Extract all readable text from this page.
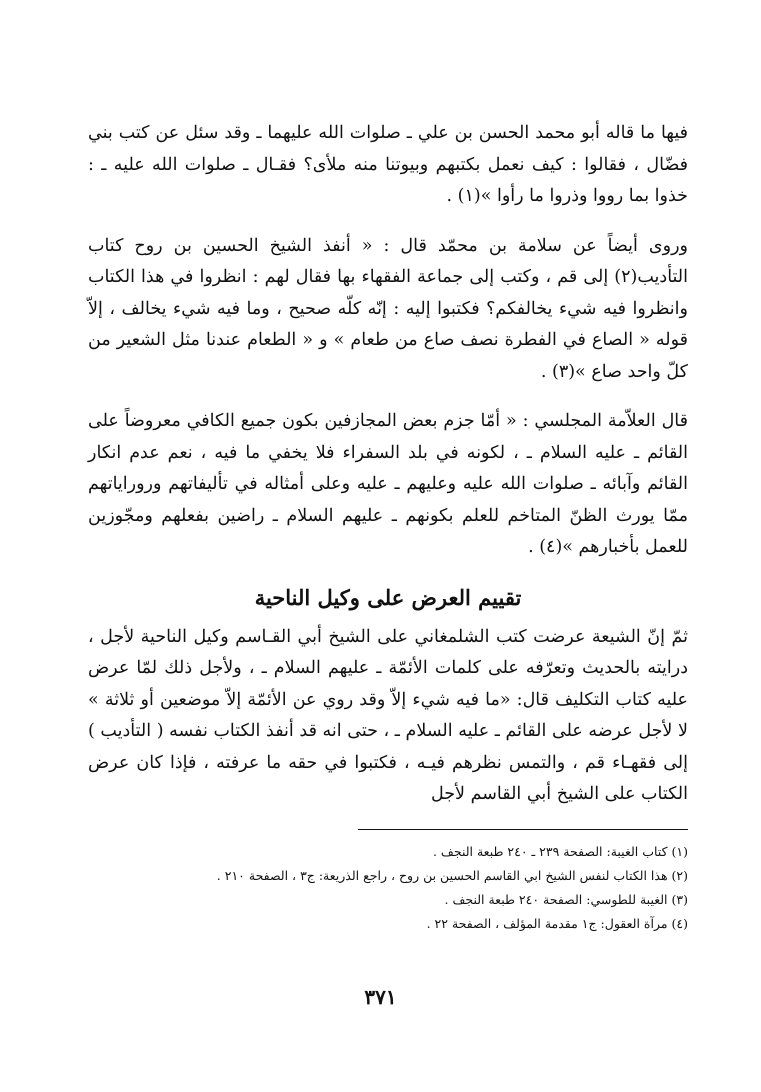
فيها ما قاله أبو محمد الحسن بن علي ـ صلوات الله عليهما ـ وقد سئل عن كتب بني فضّال ، فقالوا : كيف نعمل بكتبهم وبيوتنا منه ملأى؟ فقـال ـ صلوات الله عليه ـ : خذوا بما رووا وذروا ما رأوا »(١) .

وروى أيضاً عن سلامة بن محمّد قال : « أنفذ الشيخ الحسين بن روح كتاب التأديب(٢) إلى قم ، وكتب إلى جماعة الفقهاء بها فقال لهم : انظروا في هذا الكتاب وانظروا فيه شيء يخالفكم؟ فكتبوا إليه : إنّه كلّه صحيح ، وما فيه شيء يخالف ، إلاّ قوله « الصاع في الفطرة نصف صاع من طعام » و « الطعام عندنا مثل الشعير من كلّ واحد صاع »(٣) .

قال العلاّمة المجلسي : « أمّا جزم بعض المجازفين بكون جميع الكافي معروضاً على القائم ـ عليه السلام ـ ، لكونه في بلد السفراء فلا يخفي ما فيه ، نعم عدم انكار القائم وآبائه ـ صلوات الله عليه وعليهم ـ عليه وعلى أمثاله في تأليفاتهم وروراياتهم ممّا يورث الظنّ المتاخم للعلم بكونهم ـ عليهم السلام ـ راضين بفعلهم ومجّوزين للعمل بأخبارهم »(٤) .

تقييم العرض على وكيل الناحية

ثمّ إنّ الشيعة عرضت كتب الشلمغاني على الشيخ أبي القـاسم وكيل الناحية لأجل ، درايته بالحديث وتعرّفه على كلمات الأئمّة ـ عليهم السلام ـ ، ولأجل ذلك لمّا عرض عليه كتاب التكليف قال: «ما فيه شيء إلاّ وقد روي عن الأئمّة إلاّ موضعين أو ثلاثة » لا لأجل عرضه على القائم ـ عليه السلام ـ ، حتى انه قد أنفذ الكتاب نفسه ( التأديب ) إلى فقهـاء قم ، والتمس نظرهم فيـه ، فكتبوا في حقه ما عرفته ، فإذا كان عرض الكتاب على الشيخ أبي القاسم لأجل

(١) كتاب الغيبة: الصفحة ٢٣٩ ـ ٢٤٠ طبعة النجف .
(٢) هذا الكتاب لنفس الشيخ ابي القاسم الحسين بن روح ، راجع الذريعة: ج٣ ، الصفحة ٢١٠ .
(٣) الغيبة للطوسي: الصفحة ٢٤٠ طبعة النجف .
(٤) مرآة العقول: ج١ مقدمة المؤلف ، الصفحة ٢٢ .
٣٧١
